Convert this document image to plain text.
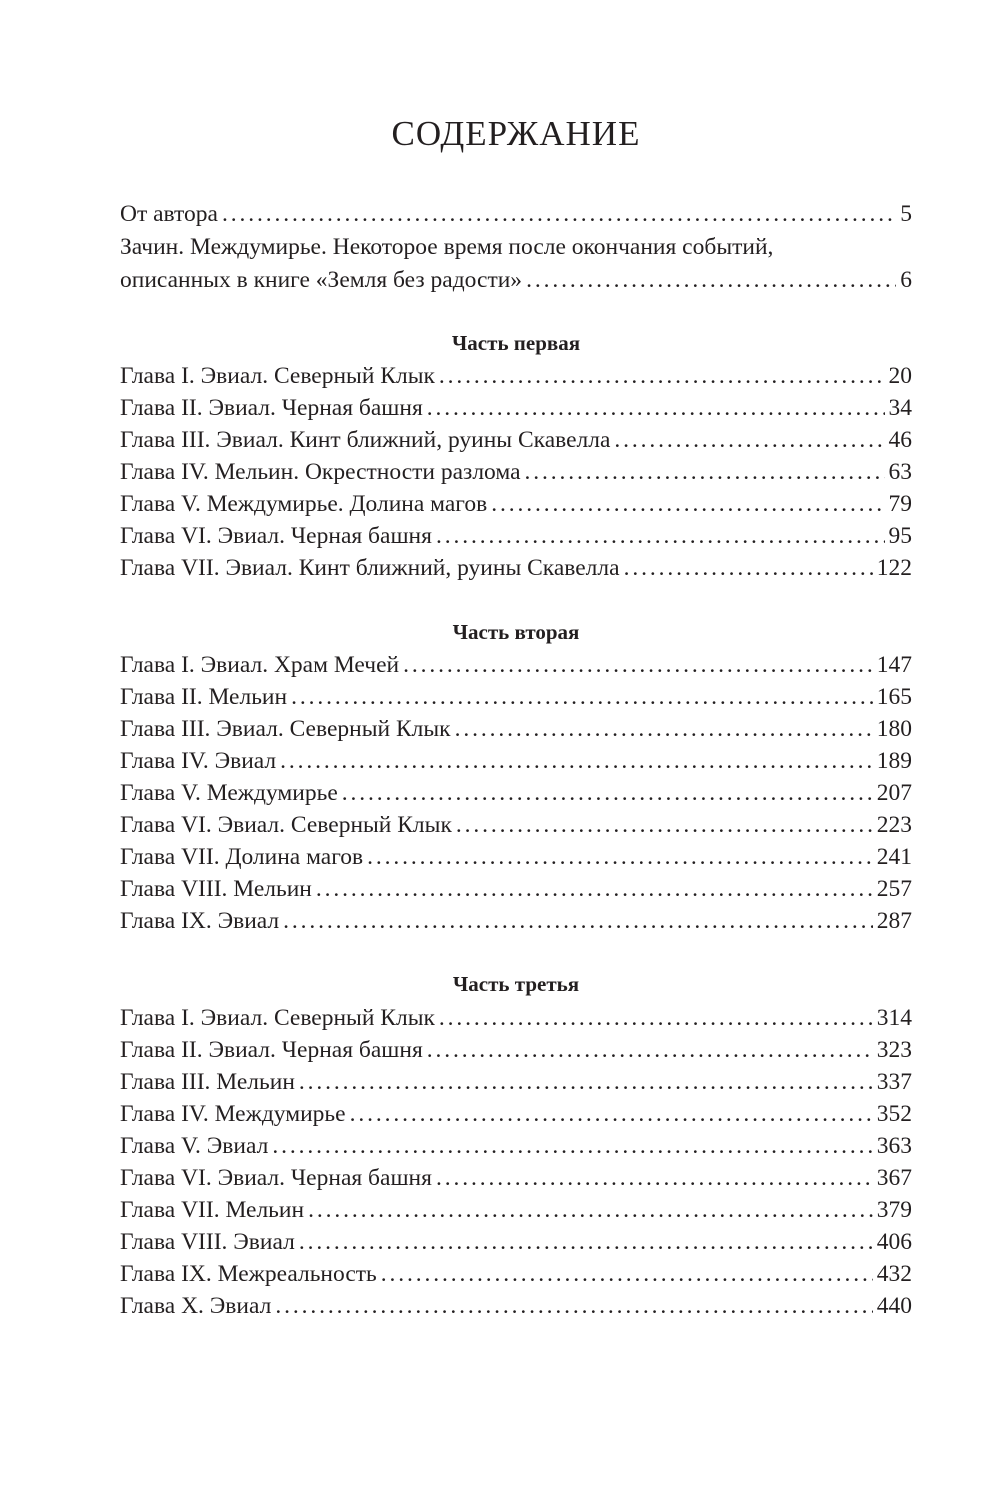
СОДЕРЖАНИЕ
От автора . . .	5
Зачин. Междумирье. Некоторое время после окончания событий,
описанных в книге «Земля без радости» . . .	6
Часть первая
Глава I. Эвиал. Северный Клык . . .	20
Глава II. Эвиал. Черная башня . . .	34
Глава III. Эвиал. Кинт ближний, руины Скавелла . . .	46
Глава IV. Мельин. Окрестности разлома . . .	63
Глава V. Междумирье. Долина магов . . .	79
Глава VI. Эвиал. Черная башня . . .	95
Глава VII. Эвиал. Кинт ближний, руины Скавелла . . .	122
Часть вторая
Глава I. Эвиал. Храм Мечей . . .	147
Глава II. Мельин . . .	165
Глава III. Эвиал. Северный Клык . . .	180
Глава IV. Эвиал . . .	189
Глава V. Междумирье . . .	207
Глава VI. Эвиал. Северный Клык . . .	223
Глава VII. Долина магов . . .	241
Глава VIII. Мельин . . .	257
Глава IX. Эвиал . . .	287
Часть третья
Глава I. Эвиал. Северный Клык . . .	314
Глава II. Эвиал. Черная башня . . .	323
Глава III. Мельин . . .	337
Глава IV. Междумирье . . .	352
Глава V. Эвиал . . .	363
Глава VI. Эвиал. Черная башня . . .	367
Глава VII. Мельин . . .	379
Глава VIII. Эвиал . . .	406
Глава IX. Межреальность . . .	432
Глава X. Эвиал . . .	440
